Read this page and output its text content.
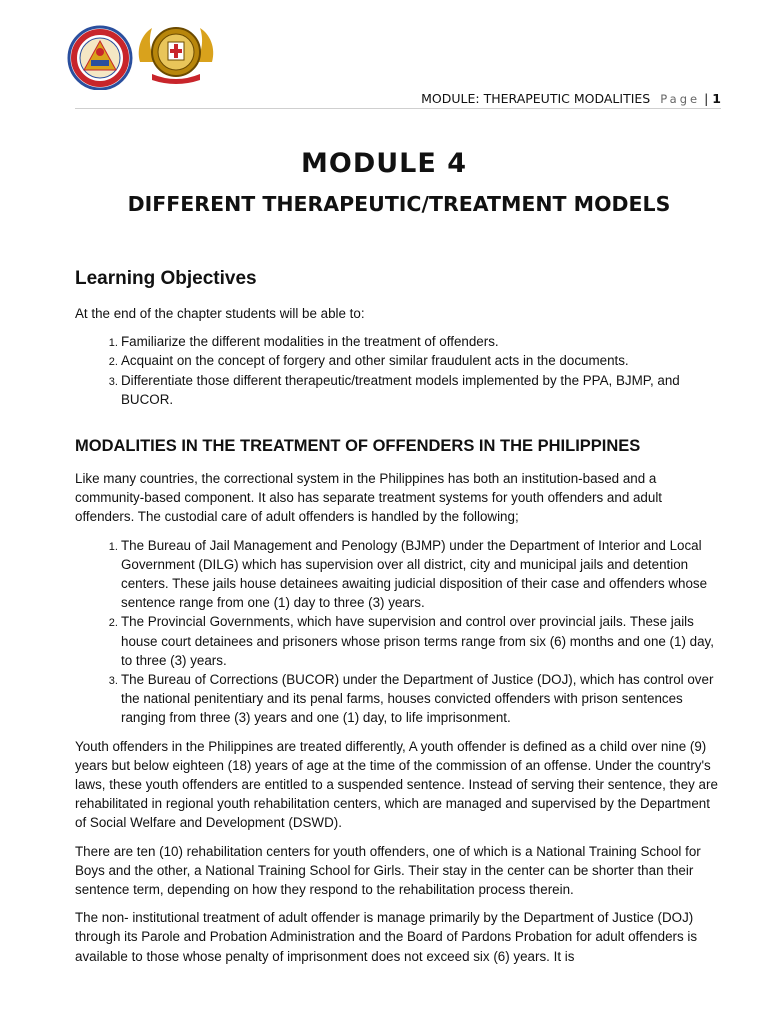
MODULE: THERAPEUTIC MODALITIES Page | 1
MODULE 4
DIFFERENT THERAPEUTIC/TREATMENT MODELS
Learning Objectives

At the end of the chapter students will be able to:

1. Familiarize the different modalities in the treatment of offenders.
2. Acquaint on the concept of forgery and other similar fraudulent acts in the documents.
3. Differentiate those different therapeutic/treatment models implemented by the PPA, BJMP, and BUCOR.
MODALITIES IN THE TREATMENT OF OFFENDERS IN THE PHILIPPINES

Like many countries, the correctional system in the Philippines has both an institution-based and a community-based component. It also has separate treatment systems for youth offenders and adult offenders. The custodial care of adult offenders is handled by the following;

1. The Bureau of Jail Management and Penology (BJMP) under the Department of Interior and Local Government (DILG) which has supervision over all district, city and municipal jails and detention centers. These jails house detainees awaiting judicial disposition of their case and offenders whose sentence range from one (1) day to three (3) years.
2. The Provincial Governments, which have supervision and control over provincial jails. These jails house court detainees and prisoners whose prison terms range from six (6) months and one (1) day, to three (3) years.
3. The Bureau of Corrections (BUCOR) under the Department of Justice (DOJ), which has control over the national penitentiary and its penal farms, houses convicted offenders with prison sentences ranging from three (3) years and one (1) day, to life imprisonment.

Youth offenders in the Philippines are treated differently, A youth offender is defined as a child over nine (9) years but below eighteen (18) years of age at the time of the commission of an offense. Under the country's laws, these youth offenders are entitled to a suspended sentence. Instead of serving their sentence, they are rehabilitated in regional youth rehabilitation centers, which are managed and supervised by the Department of Social Welfare and Development (DSWD).

There are ten (10) rehabilitation centers for youth offenders, one of which is a National Training School for Boys and the other, a National Training School for Girls. Their stay in the center can be shorter than their sentence term, depending on how they respond to the rehabilitation process therein.

The non- institutional treatment of adult offender is manage primarily by the Department of Justice (DOJ) through its Parole and Probation Administration and the Board of Pardons Probation for adult offenders is available to those whose penalty of imprisonment does not exceed six (6) years. It is
